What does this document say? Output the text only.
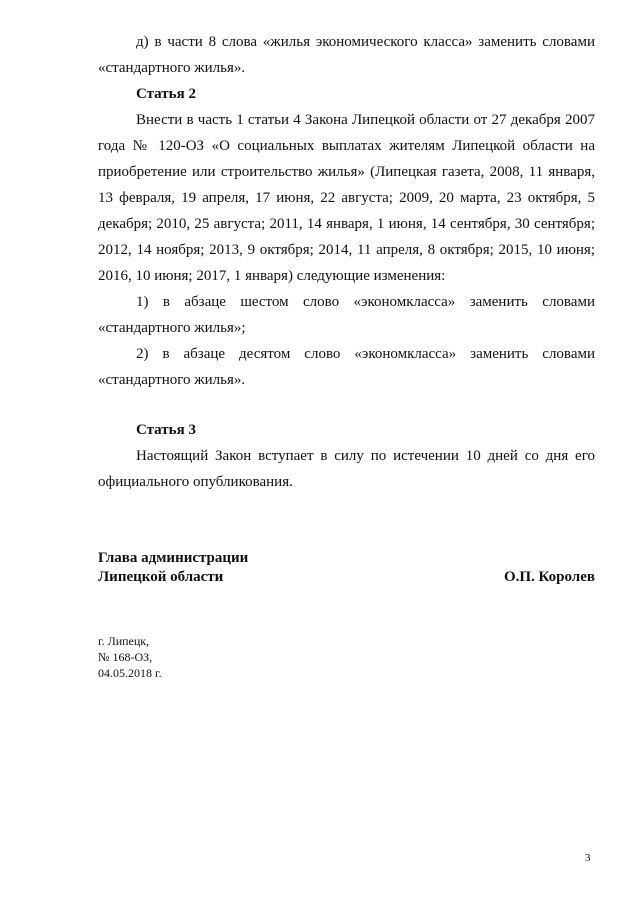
д) в части 8 слова «жилья экономического класса» заменить словами «стандартного жилья».

Статья 2

Внести в часть 1 статьи 4 Закона Липецкой области от 27 декабря 2007 года № 120-ОЗ «О социальных выплатах жителям Липецкой области на приобретение или строительство жилья» (Липецкая газета, 2008, 11 января, 13 февраля, 19 апреля, 17 июня, 22 августа; 2009, 20 марта, 23 октября, 5 декабря; 2010, 25 августа; 2011, 14 января, 1 июня, 14 сентября, 30 сентября; 2012, 14 ноября; 2013, 9 октября; 2014, 11 апреля, 8 октября; 2015, 10 июня; 2016, 10 июня; 2017, 1 января) следующие изменения:

1) в абзаце шестом слово «экономкласса» заменить словами «стандартного жилья»;

2) в абзаце десятом слово «экономкласса» заменить словами «стандартного жилья».

Статья 3

Настоящий Закон вступает в силу по истечении 10 дней со дня его официального опубликования.

Глава администрации
Липецкой области	О.П. Королев
г. Липецк,
№ 168-ОЗ,
04.05.2018 г.
3
